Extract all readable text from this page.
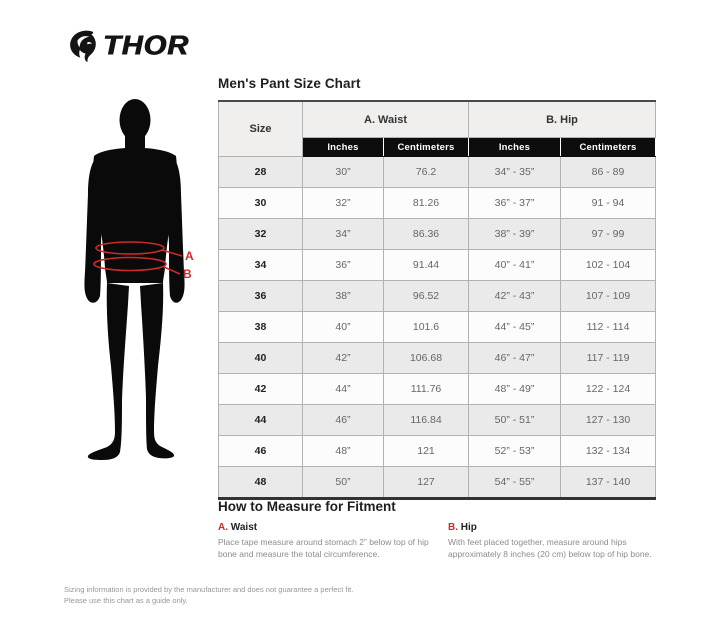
THOR
A
B
Men's Pant Size Chart
Size	A. Waist		B. Hip	
	Inches	Centimeters	Inches	Centimeters
28	30”	76.2	34” - 35”	86 - 89
30	32”	81.26	36” - 37”	91 - 94
32	34”	86.36	38” - 39”	97 - 99
34	36”	91.44	40” - 41”	102 - 104
36	38”	96.52	42” - 43”	107 - 109
38	40”	101.6	44” - 45”	112 - 114
40	42”	106.68	46” - 47”	117 - 119
42	44”	111.76	48” - 49”	122 - 124
44	46”	116.84	50” - 51”	127 - 130
46	48”	121	52” - 53”	132 - 134
48	50”	127	54” - 55”	137 - 140
How to Measure for Fitment
A. Waist
Place tape measure around stomach 2” below top of hip bone and measure the total circumference.
B. Hip
With feet placed together, measure around hips approximately 8 inches (20 cm) below top of hip bone.
Sizing information is provided by the manufacturer and does not guarantee a perfect fit.
Please use this chart as a guide only.
